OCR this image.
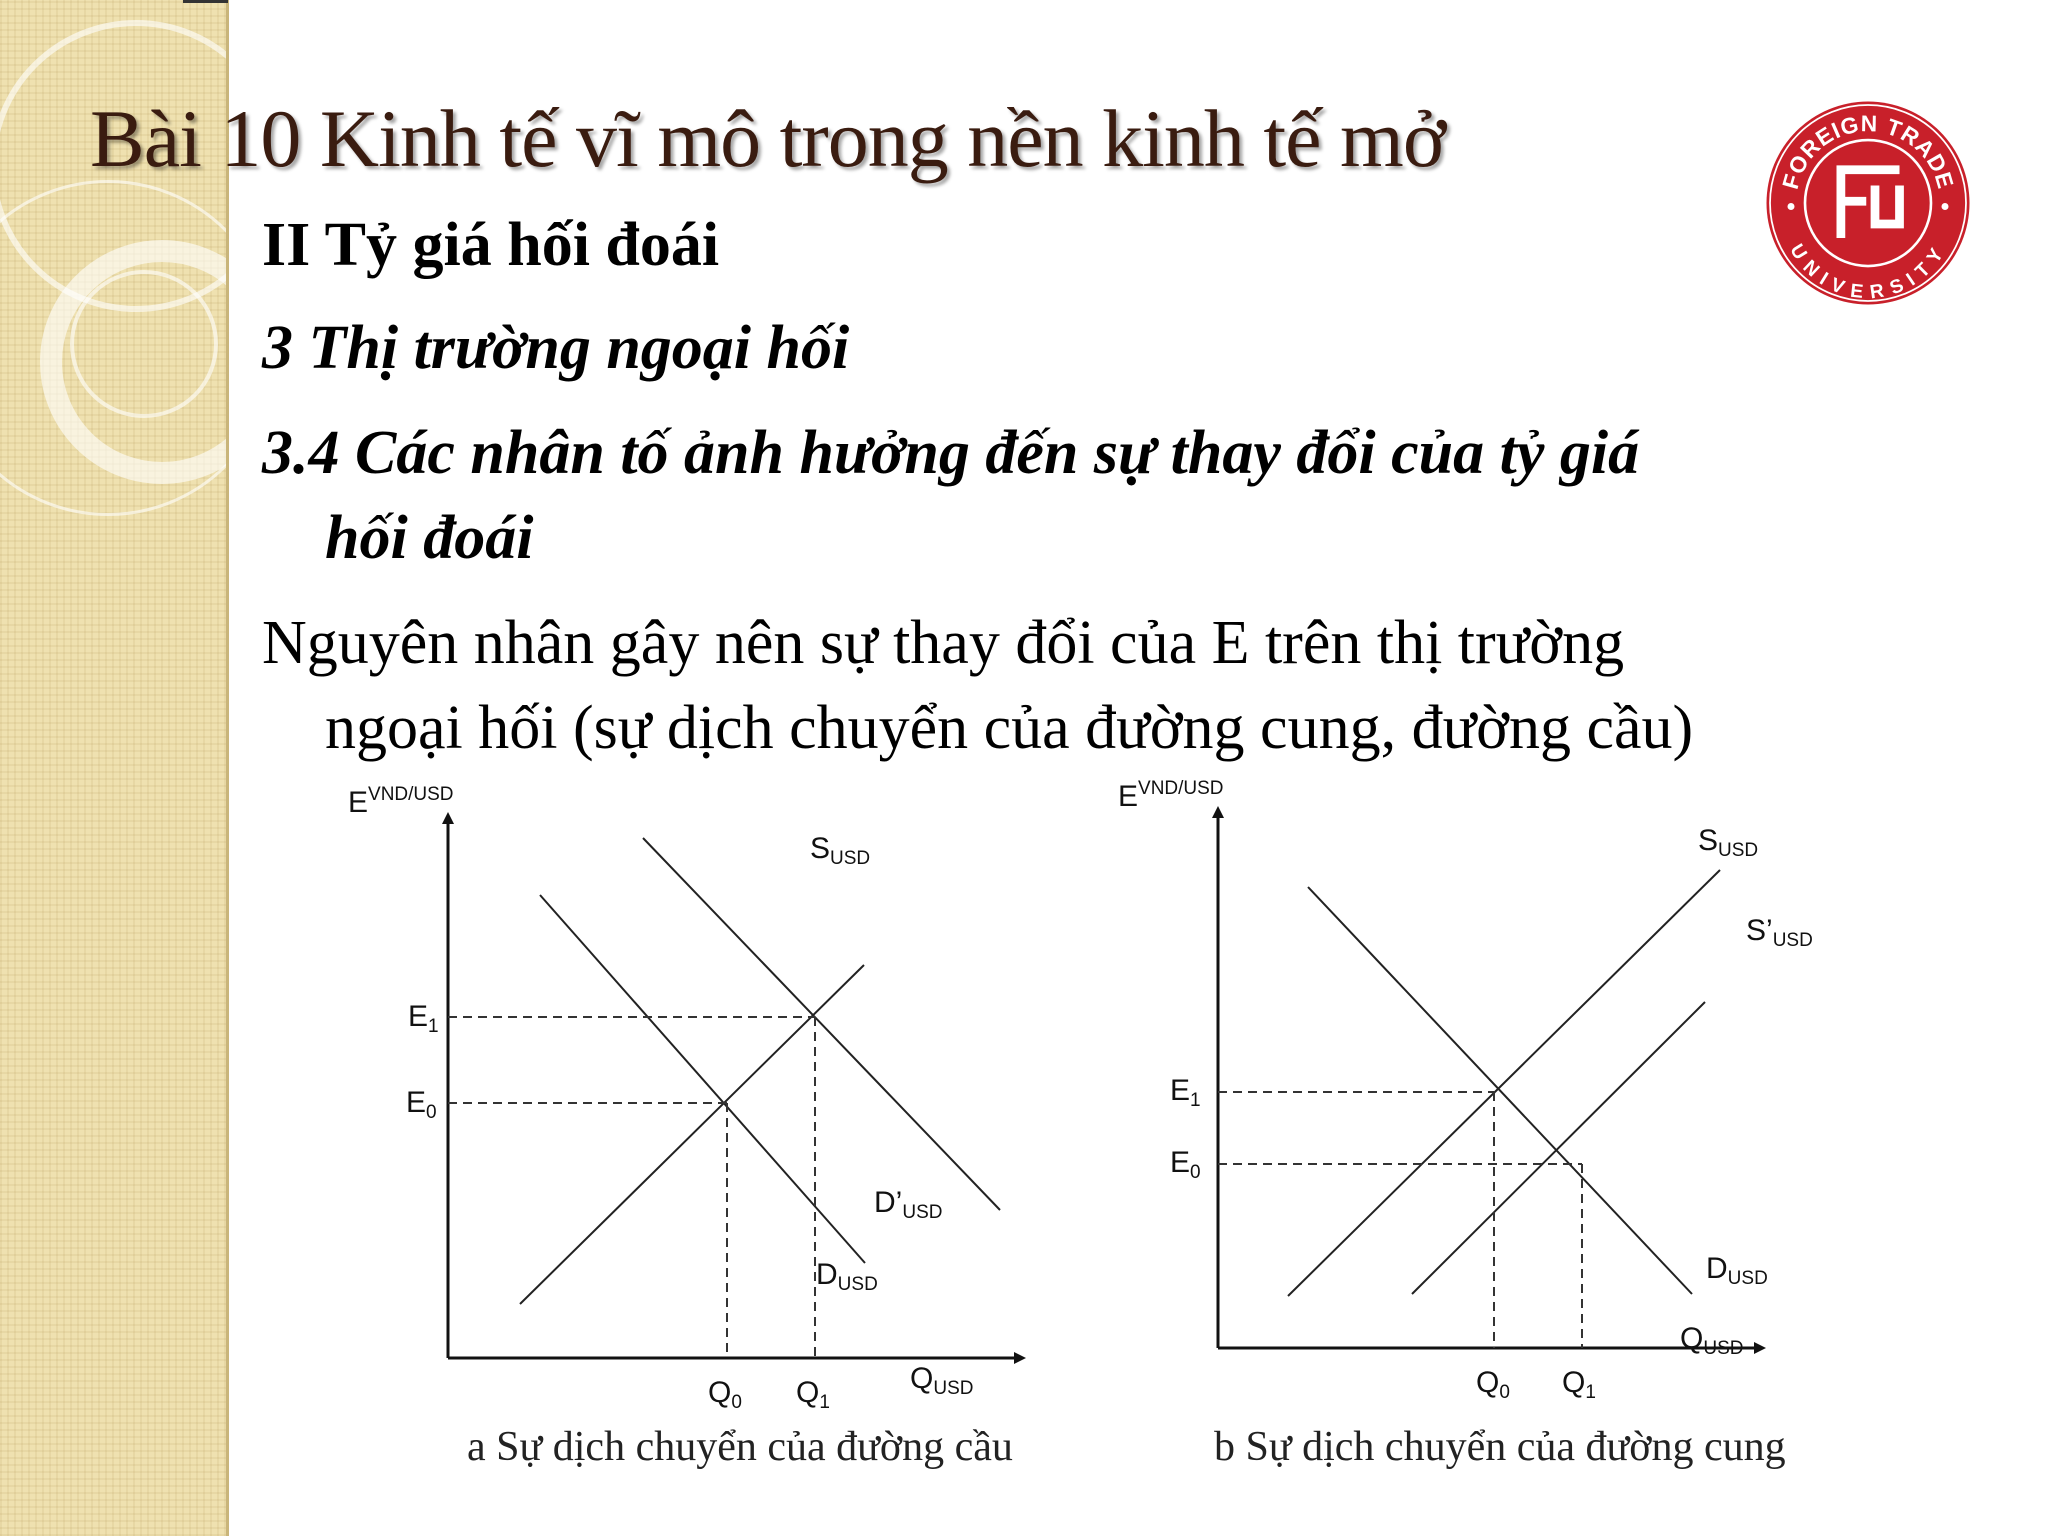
Bài 10 Kinh tế vĩ mô trong nền kinh tế mở

II Tỷ giá hối đoái

3 Thị trường ngoại hối

3.4 Các nhân tố ảnh hưởng đến sự thay đổi của tỷ giá

hối đoái

Nguyên nhân gây nên sự thay đổi của E trên thị trường

ngoại hối (sự dịch chuyển của đường cung, đường cầu)

FOREIGN TRADE
UNIVERSITY
EVND/USD
QUSD
E1
E0
Q0 Q1
SUSD
D’USD
DUSD
a Sự dịch chuyển của đường cầu
EVND/USD
QUSD
E1
E0
Q0 Q1
SUSD
S’USD
DUSD
b Sự dịch chuyển của đường cung
